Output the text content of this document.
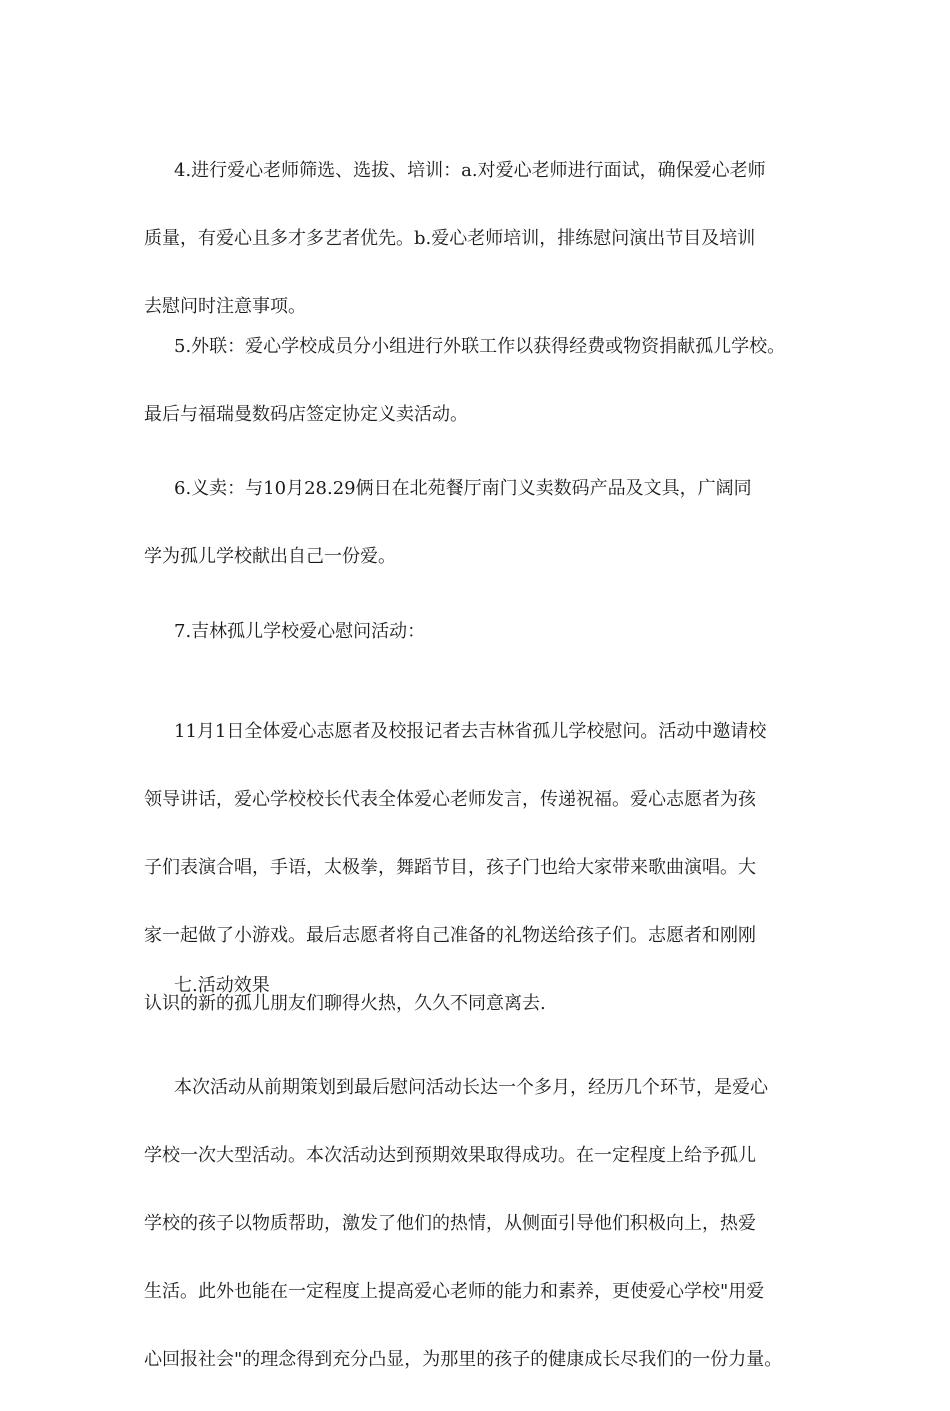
4.进行爱心老师筛选、选拔、培训：a.对爱心老师进行面试，确保爱心老师

质量，有爱心且多才多艺者优先。b.爱心老师培训，排练慰问演出节目及培训

去慰问时注意事项。

5.外联：爱心学校成员分小组进行外联工作以获得经费或物资捐献孤儿学校。

最后与福瑞曼数码店签定协定义卖活动。

6.义卖：与10月28.29俩日在北苑餐厅南门义卖数码产品及文具，广阔同

学为孤儿学校献出自己一份爱。

7.吉林孤儿学校爱心慰问活动：

11月1日全体爱心志愿者及校报记者去吉林省孤儿学校慰问。活动中邀请校

领导讲话，爱心学校校长代表全体爱心老师发言，传递祝福。爱心志愿者为孩

子们表演合唱，手语，太极拳，舞蹈节目，孩子门也给大家带来歌曲演唱。大

家一起做了小游戏。最后志愿者将自己准备的礼物送给孩子们。志愿者和刚刚

认识的新的孤儿朋友们聊得火热，久久不同意离去.

七.活动效果

本次活动从前期策划到最后慰问活动长达一个多月，经历几个环节，是爱心

学校一次大型活动。本次活动达到预期效果取得成功。在一定程度上给予孤儿

学校的孩子以物质帮助，激发了他们的热情，从侧面引导他们积极向上，热爱

生活。此外也能在一定程度上提高爱心老师的能力和素养，更使爱心学校"用爱

心回报社会"的理念得到充分凸显，为那里的孩子的健康成长尽我们的一份力量。
